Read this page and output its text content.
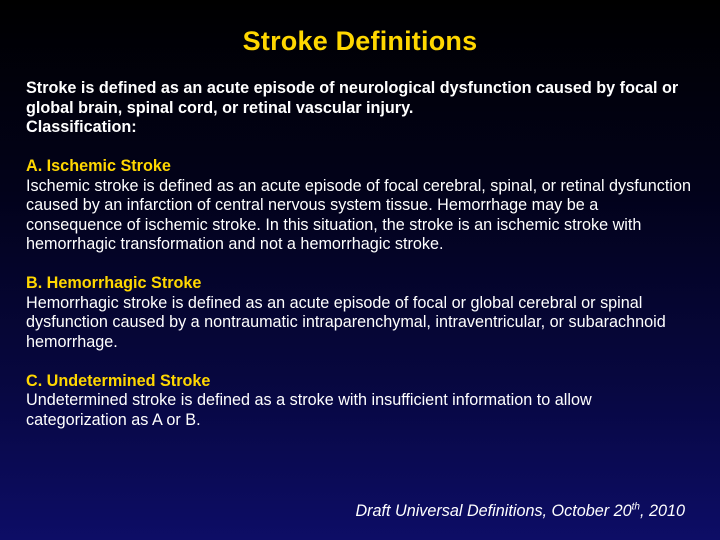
Stroke Definitions

Stroke is defined as an acute episode of neurological dysfunction caused by focal or global brain, spinal cord, or retinal vascular injury.

Classification:

A. Ischemic Stroke

Ischemic stroke is defined as an acute episode of focal cerebral, spinal, or retinal dysfunction caused by an infarction of central nervous system tissue. Hemorrhage may be a consequence of ischemic stroke. In this situation, the stroke is an ischemic stroke with hemorrhagic transformation and not a hemorrhagic stroke.

B. Hemorrhagic Stroke

Hemorrhagic stroke is defined as an acute episode of focal or global cerebral or spinal dysfunction caused by a nontraumatic intraparenchymal, intraventricular, or subarachnoid hemorrhage.

C. Undetermined Stroke

Undetermined stroke is defined as a stroke with insufficient information to allow categorization as A or B.

Draft Universal Definitions, October 20th, 2010
